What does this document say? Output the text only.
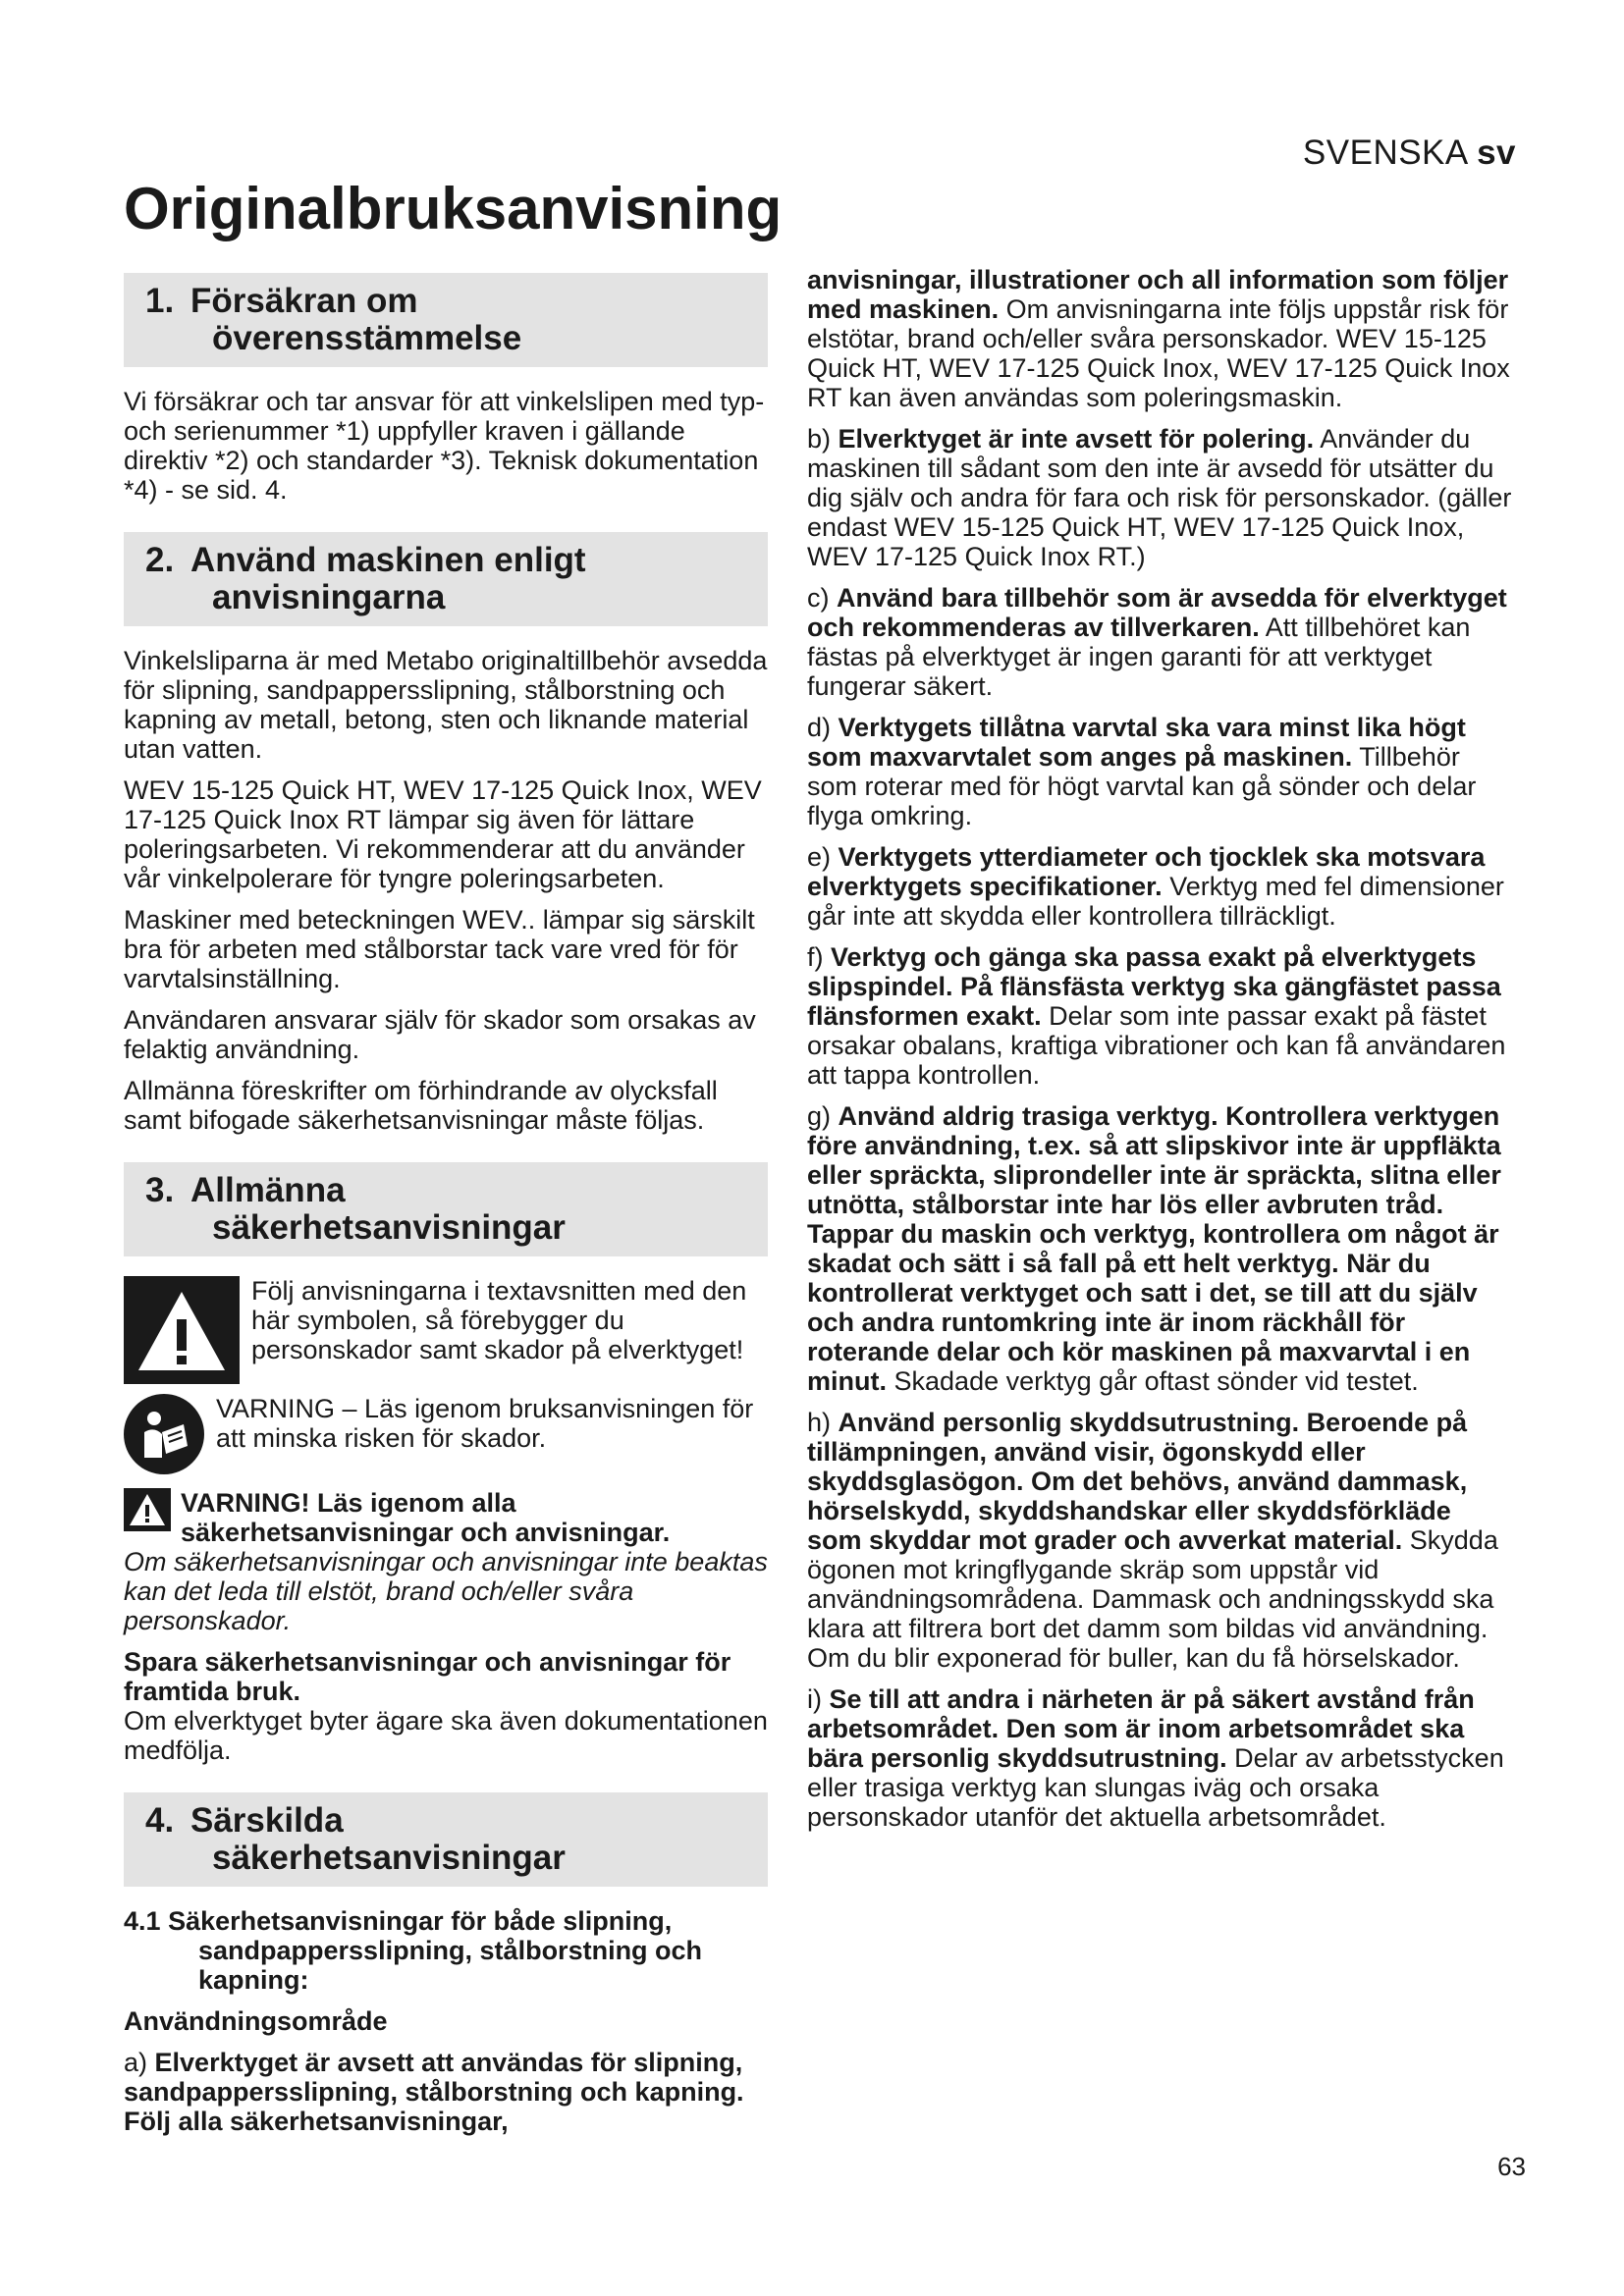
SVENSKA sv
Originalbruksanvisning
1. Försäkran om
överensstämmelse

Vi försäkrar och tar ansvar för att vinkelslipen med typ- och serienummer *1) uppfyller kraven i gällande direktiv *2) och standarder *3). Teknisk dokumentation *4) - se sid. 4.

2. Använd maskinen enligt
anvisningarna

Vinkelsliparna är med Metabo originaltillbehör avsedda för slipning, sandpappersslipning, stålborstning och kapning av metall, betong, sten och liknande material utan vatten.

WEV 15-125 Quick HT, WEV 17-125 Quick Inox, WEV 17-125 Quick Inox RT lämpar sig även för lättare poleringsarbeten. Vi rekommenderar att du använder vår vinkelpolerare för tyngre poleringsarbeten.

Maskiner med beteckningen WEV.. lämpar sig särskilt bra för arbeten med stålborstar tack vare vred för för varvtalsinställning.

Användaren ansvarar själv för skador som orsakas av felaktig användning.

Allmänna föreskrifter om förhindrande av olycksfall samt bifogade säkerhetsanvisningar måste följas.

3. Allmänna
säkerhetsanvisningar
Följ anvisningarna i textavsnitten med den här symbolen, så förebygger du personskador samt skador på elverktyget!
VARNING – Läs igenom bruksanvisningen för att minska risken för skador.
VARNING! Läs igenom alla säkerhetsanvisningar och anvisningar.

Om säkerhetsanvisningar och anvisningar inte beaktas kan det leda till elstöt, brand och/eller svåra personskador.

Spara säkerhetsanvisningar och anvisningar för framtida bruk.

Om elverktyget byter ägare ska även dokumentationen medfölja.

4. Särskilda
säkerhetsanvisningar
4.1 Säkerhetsanvisningar för både slipning,
sandpappersslipning, stålborstning och kapning:

Användningsområde

a) Elverktyget är avsett att användas för slipning, sandpappersslipning, stålborstning och kapning. Följ alla säkerhetsanvisningar,

anvisningar, illustrationer och all information som följer med maskinen. Om anvisningarna inte följs uppstår risk för elstötar, brand och/eller svåra personskador. WEV 15-125 Quick HT, WEV 17-125 Quick Inox, WEV 17-125 Quick Inox RT kan även användas som poleringsmaskin.

b) Elverktyget är inte avsett för polering. Använder du maskinen till sådant som den inte är avsedd för utsätter du dig själv och andra för fara och risk för personskador. (gäller endast WEV 15-125 Quick HT, WEV 17-125 Quick Inox, WEV 17-125 Quick Inox RT.)

c) Använd bara tillbehör som är avsedda för elverktyget och rekommenderas av tillverkaren. Att tillbehöret kan fästas på elverktyget är ingen garanti för att verktyget fungerar säkert.

d) Verktygets tillåtna varvtal ska vara minst lika högt som maxvarvtalet som anges på maskinen. Tillbehör som roterar med för högt varvtal kan gå sönder och delar flyga omkring.

e) Verktygets ytterdiameter och tjocklek ska motsvara elverktygets specifikationer. Verktyg med fel dimensioner går inte att skydda eller kontrollera tillräckligt.

f) Verktyg och gänga ska passa exakt på elverktygets slipspindel. På flänsfästa verktyg ska gängfästet passa flänsformen exakt. Delar som inte passar exakt på fästet orsakar obalans, kraftiga vibrationer och kan få användaren att tappa kontrollen.

g) Använd aldrig trasiga verktyg. Kontrollera verktygen före användning, t.ex. så att slipskivor inte är uppfläkta eller spräckta, sliprondeller inte är spräckta, slitna eller utnötta, stålborstar inte har lös eller avbruten tråd. Tappar du maskin och verktyg, kontrollera om något är skadat och sätt i så fall på ett helt verktyg. När du kontrollerat verktyget och satt i det, se till att du själv och andra runtomkring inte är inom räckhåll för roterande delar och kör maskinen på maxvarvtal i en minut. Skadade verktyg går oftast sönder vid testet.

h) Använd personlig skyddsutrustning. Beroende på tillämpningen, använd visir, ögonskydd eller skyddsglasögon. Om det behövs, använd dammask, hörselskydd, skyddshandskar eller skyddsförkläde som skyddar mot grader och avverkat material. Skydda ögonen mot kringflygande skräp som uppstår vid användningsområdena. Dammask och andningsskydd ska klara att filtrera bort det damm som bildas vid användning. Om du blir exponerad för buller, kan du få hörselskador.

i) Se till att andra i närheten är på säkert avstånd från arbetsområdet. Den som är inom arbetsområdet ska bära personlig skyddsutrustning. Delar av arbetsstycken eller trasiga verktyg kan slungas iväg och orsaka personskador utanför det aktuella arbetsområdet.

63
